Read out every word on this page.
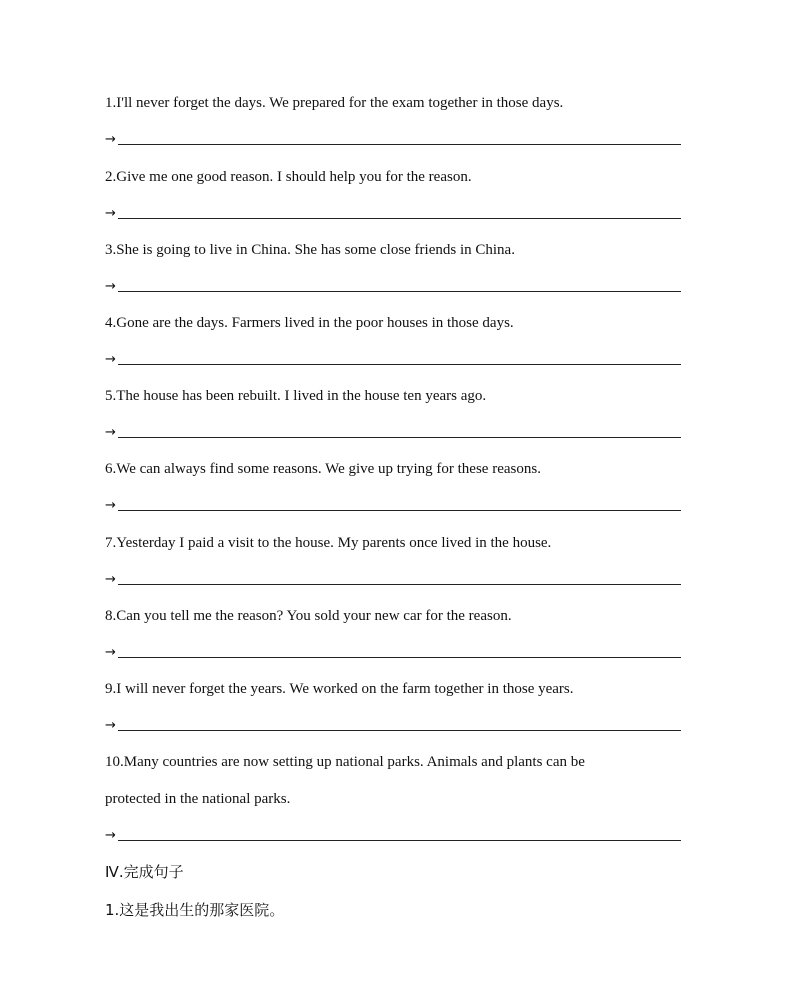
1.I'll never forget the days. We prepared for the exam together in those days.
→
2.Give me one good reason. I should help you for the reason.
→
3.She is going to live in China. She has some close friends in China.
→
4.Gone are the days. Farmers lived in the poor houses in those days.
→
5.The house has been rebuilt. I lived in the house ten years ago.
→
6.We can always find some reasons. We give up trying for these reasons.
→
7.Yesterday I paid a visit to the house. My parents once lived in the house.
→
8.Can you tell me the reason? You sold your new car for the reason.
→
9.I will never forget the years. We worked on the farm together in those years.
→
10.Many countries are now setting up national parks. Animals and plants can be
protected in the national parks.
→
Ⅳ.完成句子
1.这是我出生的那家医院。
